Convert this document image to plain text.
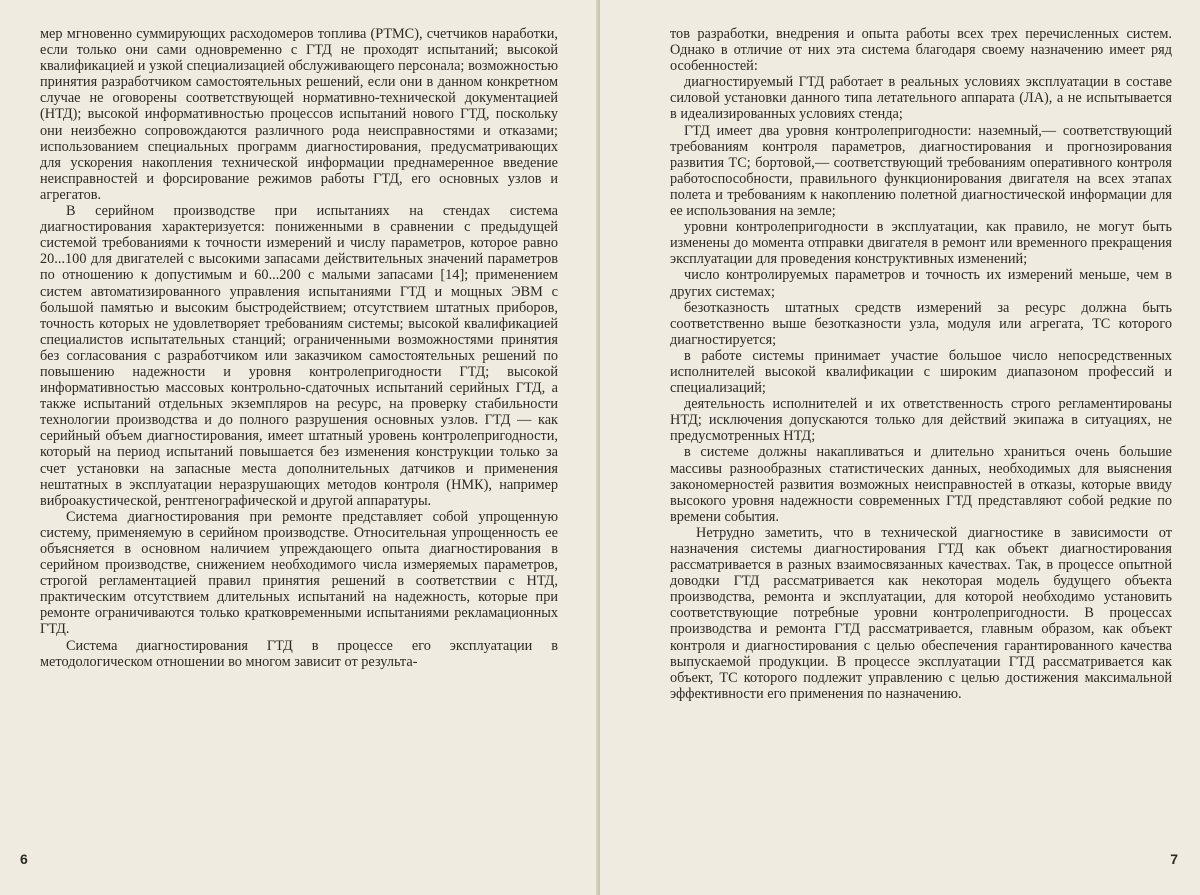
мер мгновенно суммирующих расходомеров топлива (РТМС), счетчиков наработки, если только они сами одновременно с ГТД не проходят испытаний; высокой квалификацией и узкой специализацией обслуживающего персонала; возможностью принятия разработчиком самостоятельных решений, если они в данном конкретном случае не оговорены соответствующей нормативно-технической документацией (НТД); высокой информативностью процессов испытаний нового ГТД, поскольку они неизбежно сопровождаются различного рода неисправностями и отказами; использованием специальных программ диагностирования, предусматривающих для ускорения накопления технической информации преднамеренное введение неисправностей и форсирование режимов работы ГТД, его основных узлов и агрегатов.

В серийном производстве при испытаниях на стендах система диагностирования характеризуется: пониженными в сравнении с предыдущей системой требованиями к точности измерений и числу параметров, которое равно 20...100 для двигателей с высокими запасами действительных значений параметров по отношению к допустимым и 60...200 с малыми запасами [14]; применением систем автоматизированного управления испытаниями ГТД и мощных ЭВМ с большой памятью и высоким быстродействием; отсутствием штатных приборов, точность которых не удовлетворяет требованиям системы; высокой квалификацией специалистов испытательных станций; ограниченными возможностями принятия без согласования с разработчиком или заказчиком самостоятельных решений по повышению надежности и уровня контролепригодности ГТД; высокой информативностью массовых контрольно-сдаточных испытаний серийных ГТД, а также испытаний отдельных экземпляров на ресурс, на проверку стабильности технологии производства и до полного разрушения основных узлов. ГТД — как серийный объем диагностирования, имеет штатный уровень контролепригодности, который на период испытаний повышается без изменения конструкции только за счет установки на запасные места дополнительных датчиков и применения нештатных в эксплуатации неразрушающих методов контроля (НМК), например виброакустической, рентгенографической и другой аппаратуры.

Система диагностирования при ремонте представляет собой упрощенную систему, применяемую в серийном производстве. Относительная упрощенность ее объясняется в основном наличием упреждающего опыта диагностирования в серийном производстве, снижением необходимого числа измеряемых параметров, строгой регламентацией правил принятия решений в соответствии с НТД, практическим отсутствием длительных испытаний на надежность, которые при ремонте ограничиваются только кратковременными испытаниями рекламационных ГТД.

Система диагностирования ГТД в процессе его эксплуатации в методологическом отношении во многом зависит от результа-

6

тов разработки, внедрения и опыта работы всех трех перечисленных систем. Однако в отличие от них эта система благодаря своему назначению имеет ряд особенностей:

диагностируемый ГТД работает в реальных условиях эксплуатации в составе силовой установки данного типа летательного аппарата (ЛА), а не испытывается в идеализированных условиях стенда;

ГТД имеет два уровня контролепригодности: наземный,— соответствующий требованиям контроля параметров, диагностирования и прогнозирования развития ТС; бортовой,— соответствующий требованиям оперативного контроля работоспособности, правильного функционирования двигателя на всех этапах полета и требованиям к накоплению полетной диагностической информации для ее использования на земле;

уровни контролепригодности в эксплуатации, как правило, не могут быть изменены до момента отправки двигателя в ремонт или временного прекращения эксплуатации для проведения конструктивных изменений;

число контролируемых параметров и точность их измерений меньше, чем в других системах;

безотказность штатных средств измерений за ресурс должна быть соответственно выше безотказности узла, модуля или агрегата, ТС которого диагностируется;

в работе системы принимает участие большое число непосредственных исполнителей высокой квалификации с широким диапазоном профессий и специализаций;

деятельность исполнителей и их ответственность строго регламентированы НТД; исключения допускаются только для действий экипажа в ситуациях, не предусмотренных НТД;

в системе должны накапливаться и длительно храниться очень большие массивы разнообразных статистических данных, необходимых для выяснения закономерностей развития возможных неисправностей в отказы, которые ввиду высокого уровня надежности современных ГТД представляют собой редкие по времени события.

Нетрудно заметить, что в технической диагностике в зависимости от назначения системы диагностирования ГТД как объект диагностирования рассматривается в разных взаимосвязанных качествах. Так, в процессе опытной доводки ГТД рассматривается как некоторая модель будущего объекта производства, ремонта и эксплуатации, для которой необходимо установить соответствующие потребные уровни контролепригодности. В процессах производства и ремонта ГТД рассматривается, главным образом, как объект контроля и диагностирования с целью обеспечения гарантированного качества выпускаемой продукции. В процессе эксплуатации ГТД рассматривается как объект, ТС которого подлежит управлению с целью достижения максимальной эффективности его применения по назначению.

7
